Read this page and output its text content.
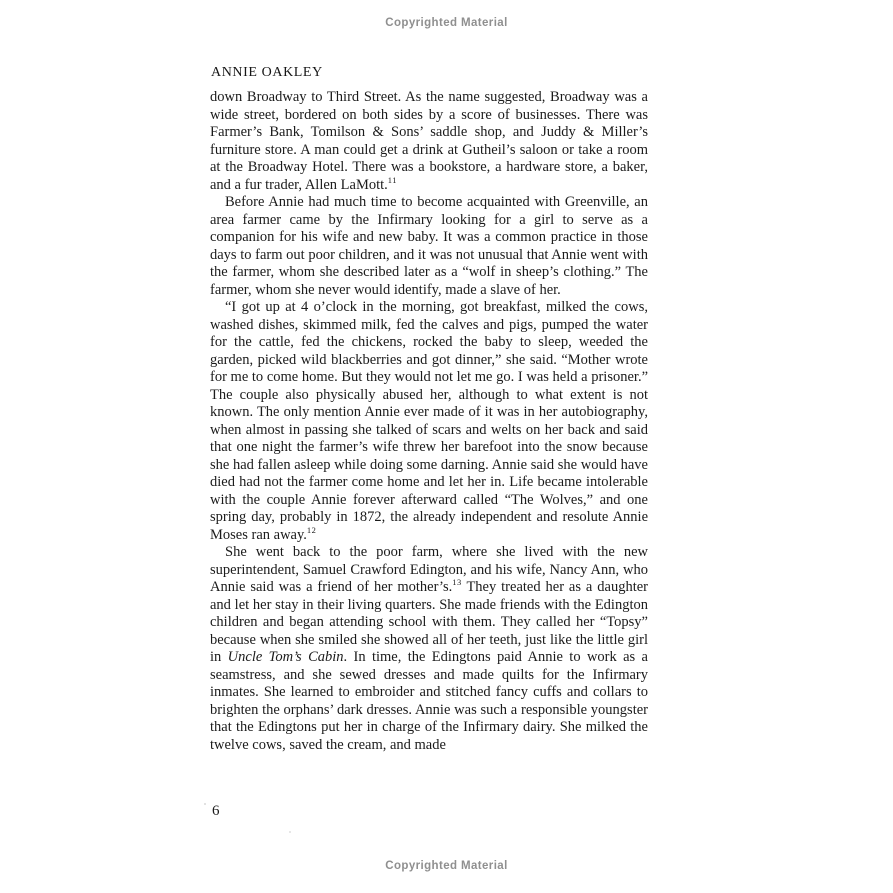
Copyrighted Material
ANNIE OAKLEY

down Broadway to Third Street. As the name suggested, Broadway was a wide street, bordered on both sides by a score of businesses. There was Farmer’s Bank, Tomilson & Sons’ saddle shop, and Juddy & Miller’s furniture store. A man could get a drink at Gutheil’s saloon or take a room at the Broadway Hotel. There was a bookstore, a hardware store, a baker, and a fur trader, Allen LaMott.$^{11}$

Before Annie had much time to become acquainted with Greenville, an area farmer came by the Infirmary looking for a girl to serve as a companion for his wife and new baby. It was a common practice in those days to farm out poor children, and it was not unusual that Annie went with the farmer, whom she described later as a “wolf in sheep’s clothing.” The farmer, whom she never would identify, made a slave of her.

“I got up at 4 o’clock in the morning, got breakfast, milked the cows, washed dishes, skimmed milk, fed the calves and pigs, pumped the water for the cattle, fed the chickens, rocked the baby to sleep, weeded the garden, picked wild blackberries and got dinner,” she said. “Mother wrote for me to come home. But they would not let me go. I was held a prisoner.” The couple also physically abused her, although to what extent is not known. The only mention Annie ever made of it was in her autobiography, when almost in passing she talked of scars and welts on her back and said that one night the farmer’s wife threw her barefoot into the snow because she had fallen asleep while doing some darning. Annie said she would have died had not the farmer come home and let her in. Life became intolerable with the couple Annie forever afterward called “The Wolves,” and one spring day, probably in 1872, the already independent and resolute Annie Moses ran away.$^{12}$

She went back to the poor farm, where she lived with the new superintendent, Samuel Crawford Edington, and his wife, Nancy Ann, who Annie said was a friend of her mother’s.$^{13}$ They treated her as a daughter and let her stay in their living quarters. She made friends with the Edington children and began attending school with them. They called her “Topsy” because when she smiled she showed all of her teeth, just like the little girl in Uncle Tom’s Cabin. In time, the Edingtons paid Annie to work as a seamstress, and she sewed dresses and made quilts for the Infirmary inmates. She learned to embroider and stitched fancy cuffs and collars to brighten the orphans’ dark dresses. Annie was such a responsible youngster that the Edingtons put her in charge of the Infirmary dairy. She milked the twelve cows, saved the cream, and made

6
Copyrighted Material
